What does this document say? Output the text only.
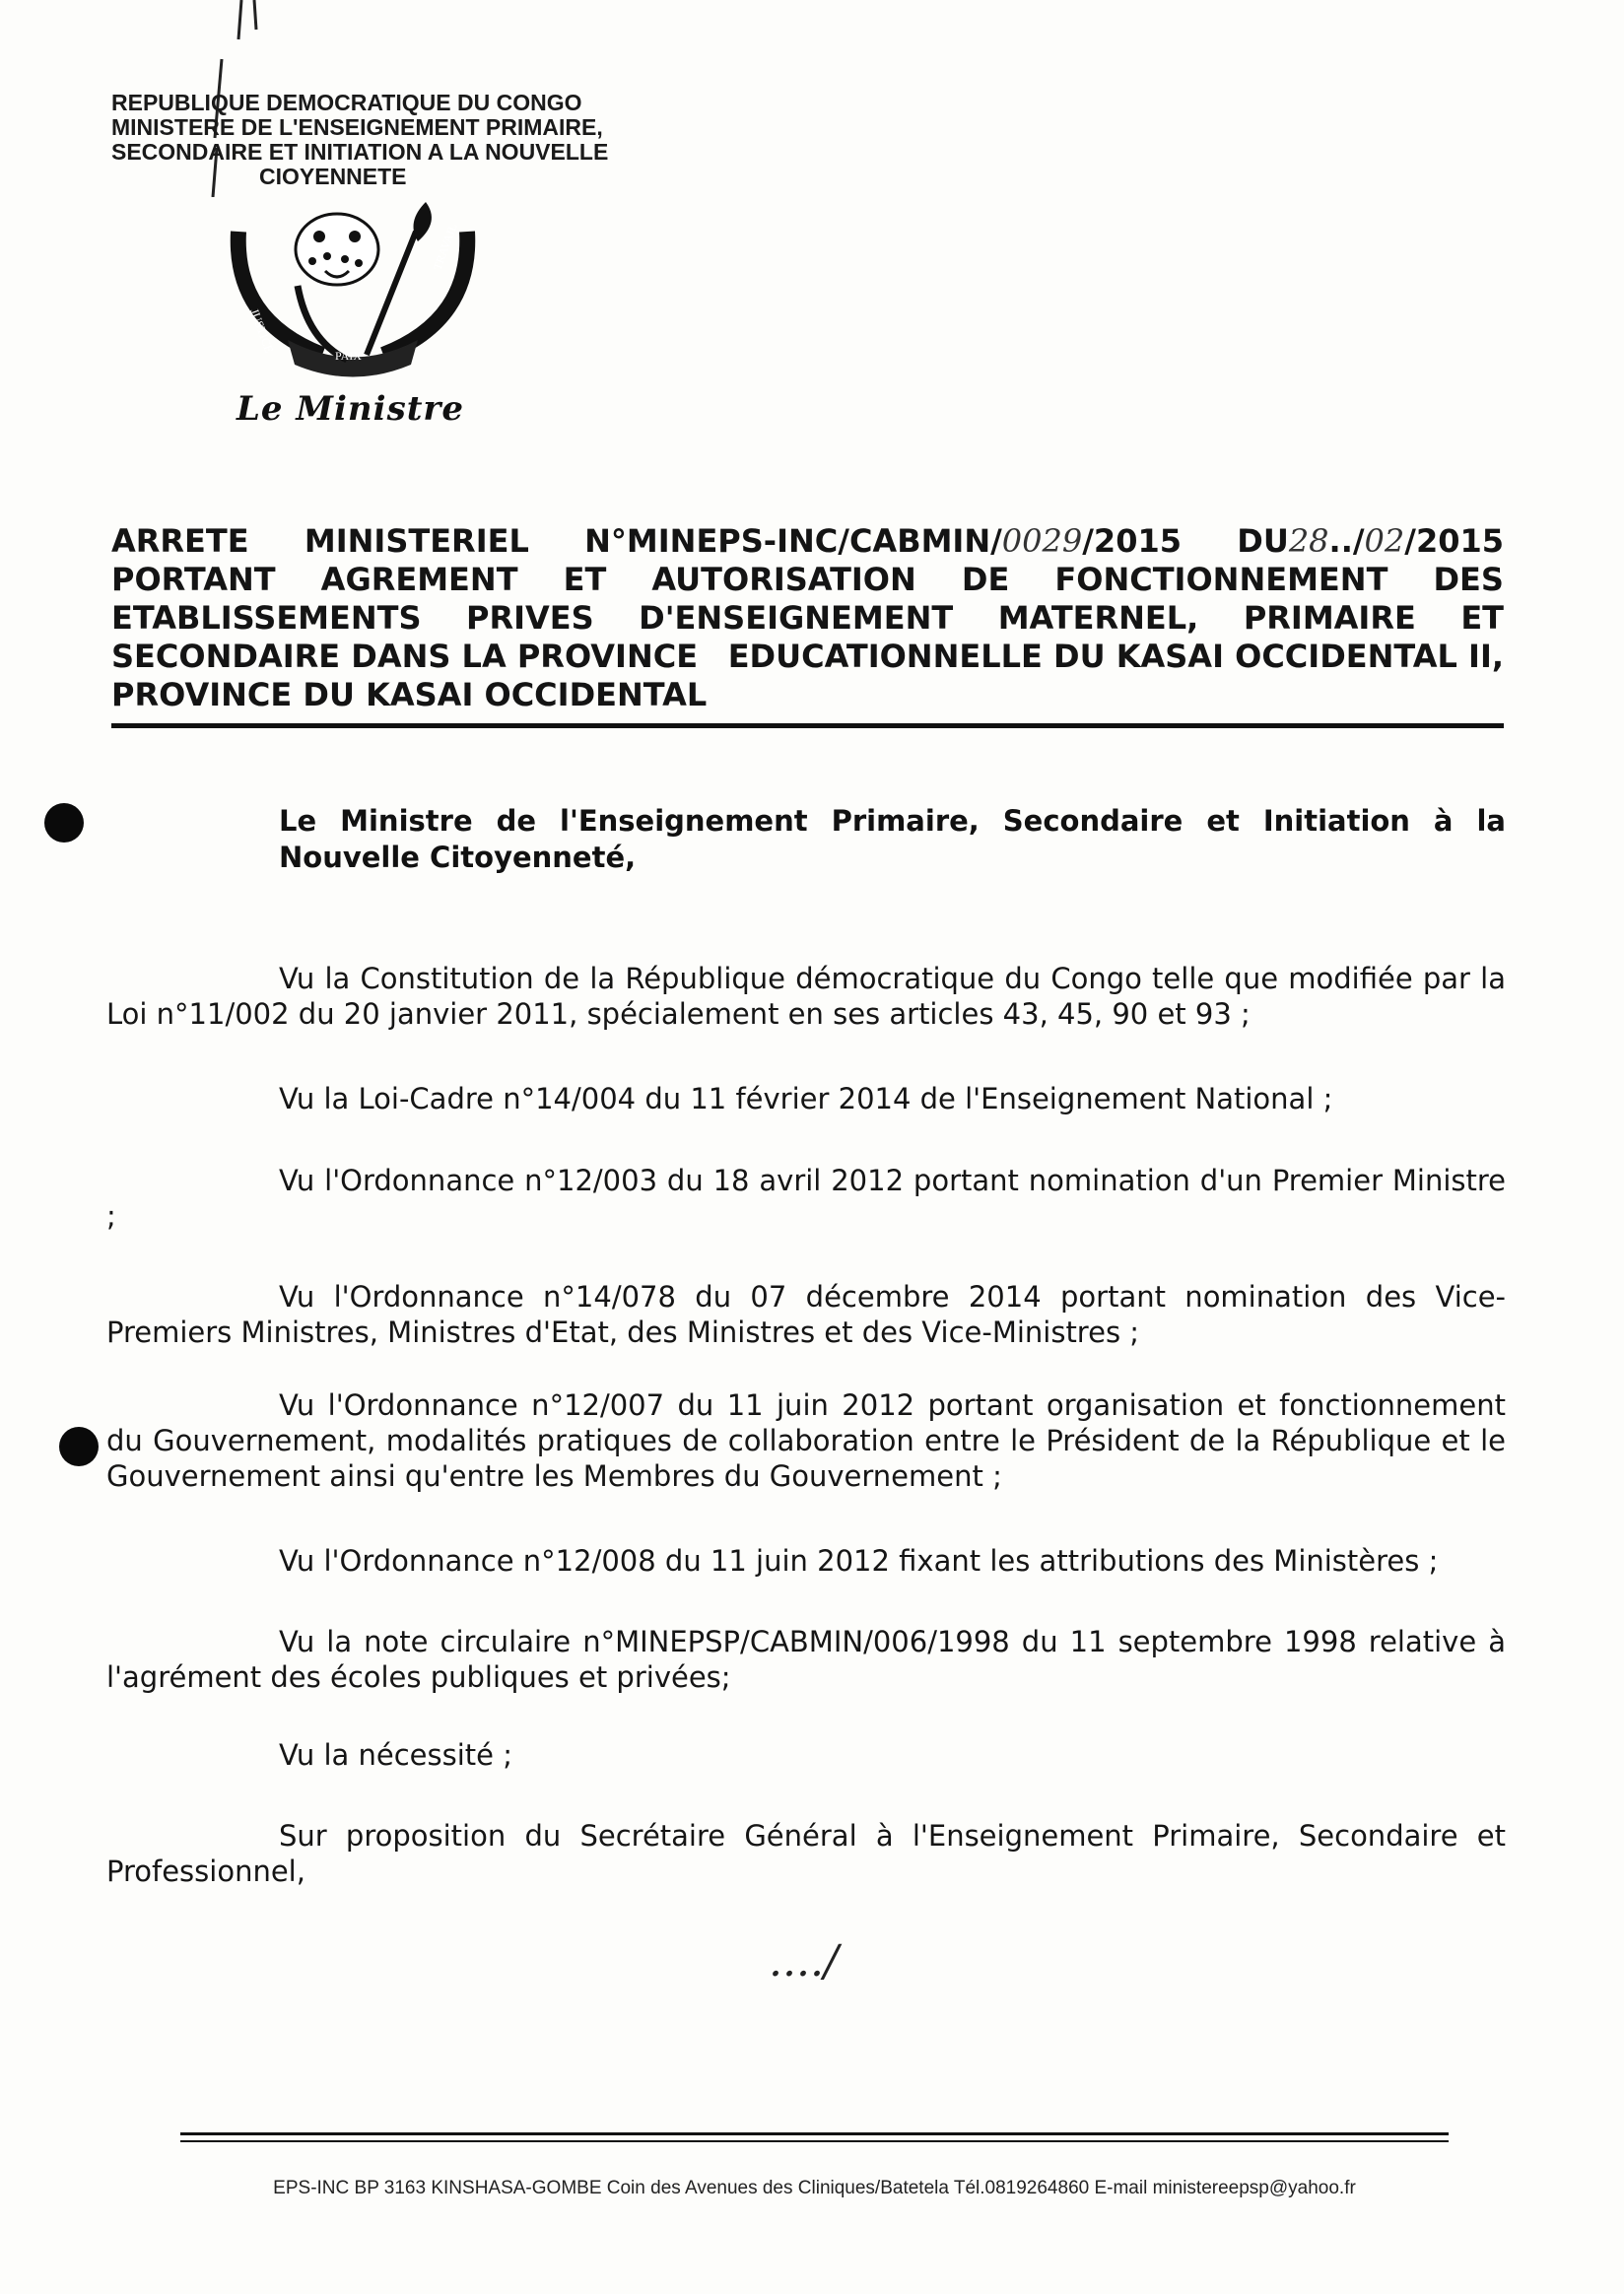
REPUBLIQUE DEMOCRATIQUE DU CONGO
MINISTERE DE L'ENSEIGNEMENT PRIMAIRE,
SECONDAIRE ET INITIATION A LA NOUVELLE
CIOYENNETE
JUSTICE
PAIX
TRAVAIL
Le Ministre
ARRETE MINISTERIEL N°MINEPS-INC/CABMIN/0029/2015 DU28../02/2015
PORTANT AGREMENT ET AUTORISATION DE FONCTIONNEMENT DES
ETABLISSEMENTS PRIVES D'ENSEIGNEMENT MATERNEL, PRIMAIRE ET
SECONDAIRE DANS LA PROVINCE EDUCATIONNELLE DU KASAI OCCIDENTAL II,
PROVINCE DU KASAI OCCIDENTAL
Le Ministre de l'Enseignement Primaire, Secondaire et Initiation à la Nouvelle Citoyenneté,

Vu la Constitution de la République démocratique du Congo telle que modifiée par la Loi n°11/002 du 20 janvier 2011, spécialement en ses articles 43, 45, 90 et 93 ;

Vu la Loi-Cadre n°14/004 du 11 février 2014 de l'Enseignement National ;

Vu l'Ordonnance n°12/003 du 18 avril 2012 portant nomination d'un Premier Ministre ;

Vu l'Ordonnance n°14/078 du 07 décembre 2014 portant nomination des Vice-Premiers Ministres, Ministres d'Etat, des Ministres et des Vice-Ministres ;

Vu l'Ordonnance n°12/007 du 11 juin 2012 portant organisation et fonctionnement du Gouvernement, modalités pratiques de collaboration entre le Président de la République et le Gouvernement ainsi qu'entre les Membres du Gouvernement ;

Vu l'Ordonnance n°12/008 du 11 juin 2012 fixant les attributions des Ministères ;

Vu la note circulaire n°MINEPSP/CABMIN/006/1998 du 11 septembre 1998 relative à l'agrément des écoles publiques et privées;

Vu la nécessité ;

Sur proposition du Secrétaire Général à l'Enseignement Primaire, Secondaire et Professionnel,

..../
EPS-INC BP 3163 KINSHASA-GOMBE Coin des Avenues des Cliniques/Batetela Tél.0819264860 E-mail ministereepsp@yahoo.fr
